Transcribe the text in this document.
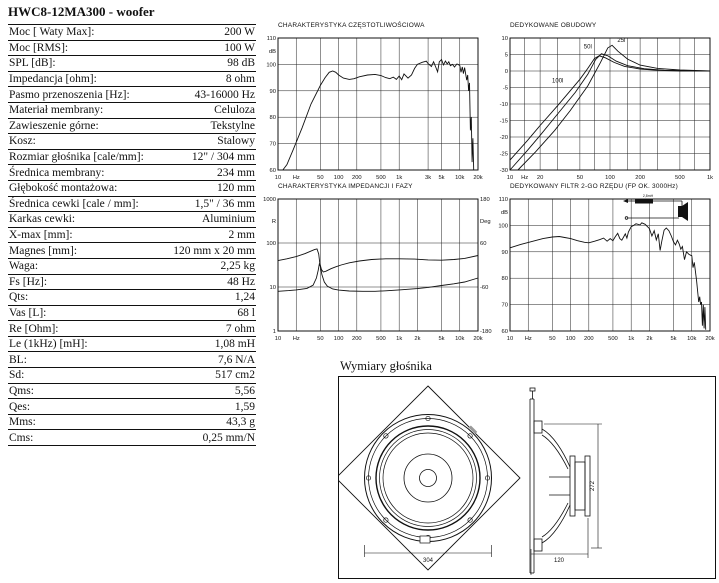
HWC8-12MA300 - woofer
Moc [ Waty Max]:	200 W
Moc [RMS]:	100 W
SPL [dB]:	98 dB
Impedancja [ohm]:	8 ohm
Pasmo przenoszenia [Hz]:	43-16000 Hz
Materiał membrany:	Celuloza
Zawieszenie górne:	Tekstylne
Kosz:	Stalowy
Rozmiar głośnika [cale/mm]:	12" / 304 mm
Średnica membrany:	234 mm
Głębokość montażowa:	120 mm
Średnica cewki [cale / mm]:	1,5" / 36 mm
Karkas cewki:	Aluminium
X-max [mm]:	2 mm
Magnes [mm]:	120 mm x 20 mm
Waga:	2,25 kg
Fs [Hz]:	48 Hz
Qts:	1,24
Vas [L]:	68 l
Re [Ohm]:	7 ohm
Le (1kHz) [mH]:	1,08 mH
BL:	7,6 N/A
Sd:	517 cm2
Qms:	5,56
Qes:	1,59
Mms:	43,3 g
Cms:	0,25 mm/N
CHARAKTERYSTYKA CZĘSTOTLIWOŚCIOWA
10 Hz	50 100 200 500 1k	3k 5k 10k 20k
110
dB
100
90
80
70
60
DEDYKOWANE OBUDOWY
10 Hz 20	50	100	200	500	1k
10
5
0
-5
-10
-15
-20
-25
-30
100l
50l
25l
CHARAKTERYSTYKA IMPEDANCJI I FAZY
10 Hz	50 100 200 500 1k 2k	5k 10k 20k
1000
R
100
10
1
180
Deg
60
-60
-180
DEDYKOWANY FILTR 2-GO RZĘDU (FP OK. 3000Hz)
10 Hz	50 100 200 500 1k 2k	5k 10k 20k
110
dB
100
90
80
70
60
2,8mH
Wymiary głośnika
304
272
120
